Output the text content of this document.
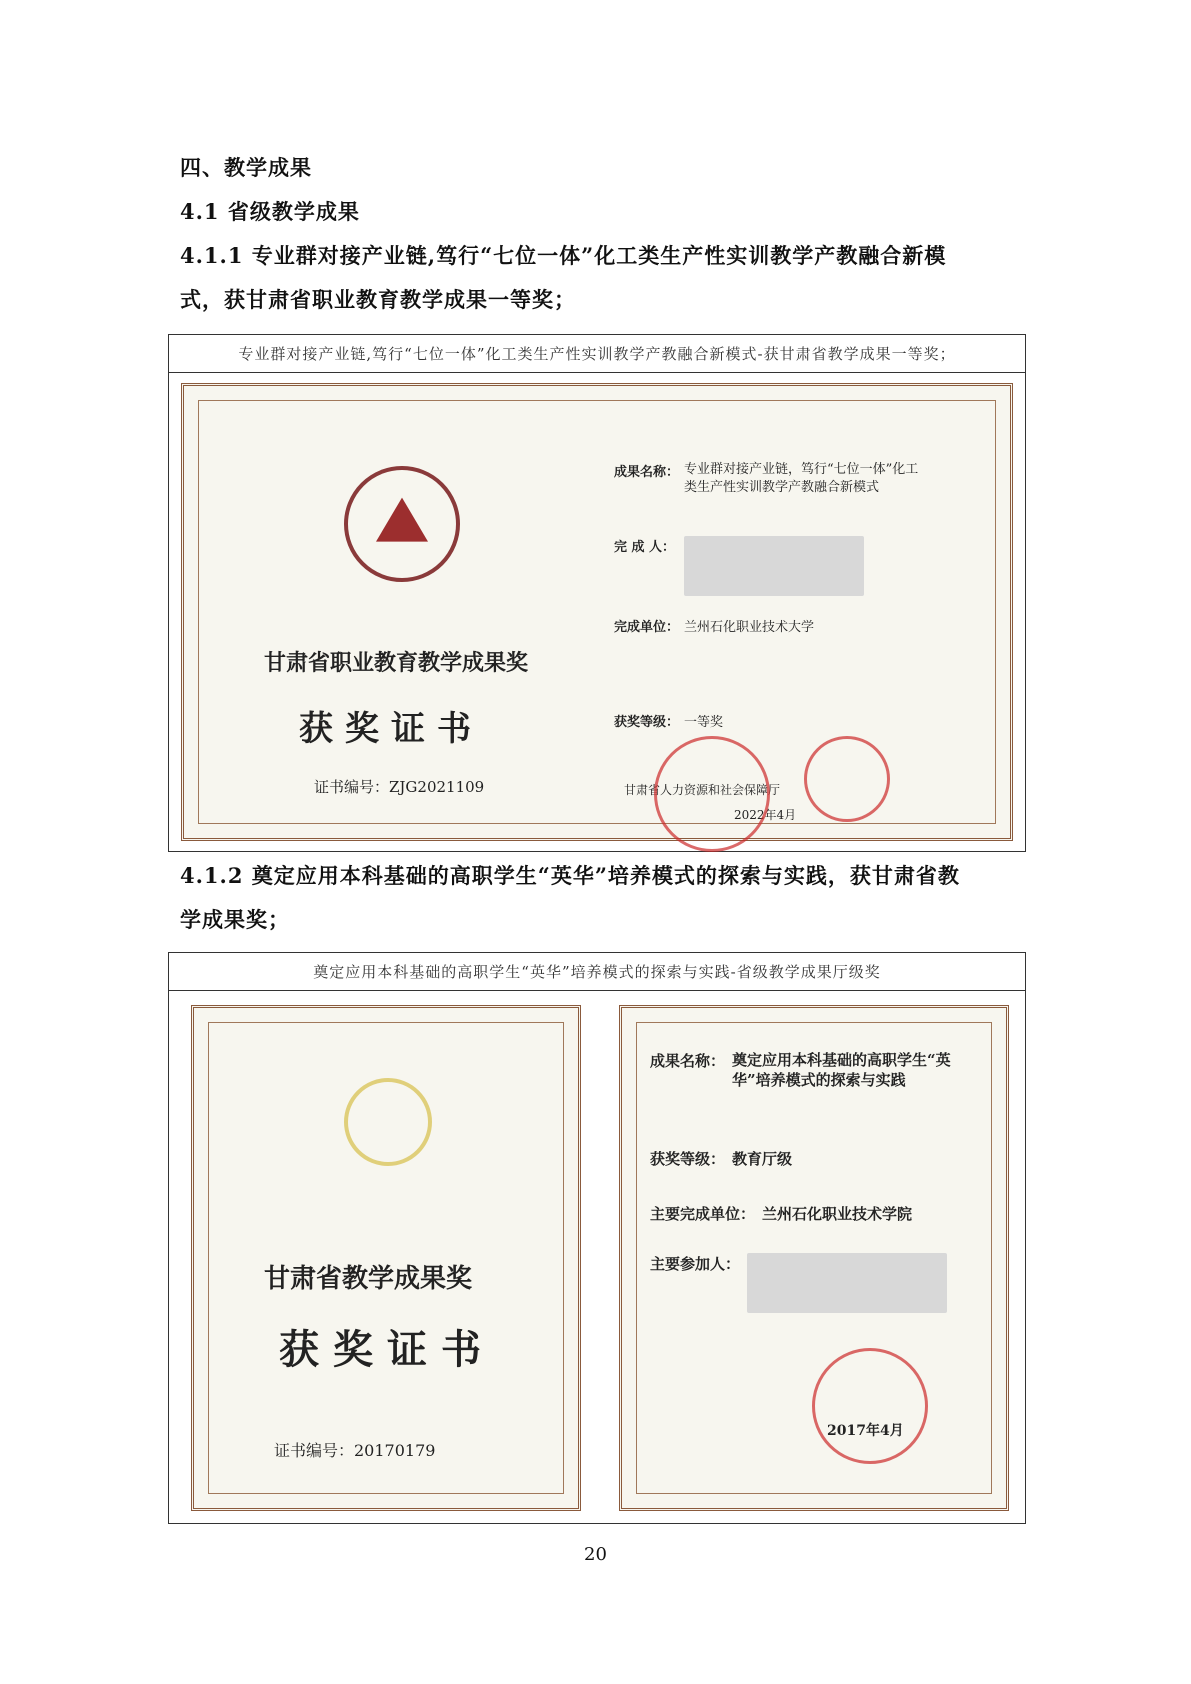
四、教学成果
4.1 省级教学成果
4.1.1 专业群对接产业链,笃行“七位一体”化工类生产性实训教学产教融合新模
式，获甘肃省职业教育教学成果一等奖；
专业群对接产业链,笃行“七位一体”化工类生产性实训教学产教融合新模式-获甘肃省教学成果一等奖；
甘肃省职业教育教学成果奖
获奖证书
证书编号：ZJG2021109
成果名称： 专业群对接产业链，笃行“七位一体”化工类生产性实训教学产教融合新模式
完 成 人：
完成单位： 兰州石化职业技术大学
获奖等级： 一等奖
甘肃省人力资源和社会保障厅
2022年4月
4.1.2 奠定应用本科基础的高职学生“英华”培养模式的探索与实践，获甘肃省教
学成果奖；
奠定应用本科基础的高职学生“英华”培养模式的探索与实践-省级教学成果厅级奖
甘肃省教学成果奖
获奖证书
证书编号：20170179
成果名称： 奠定应用本科基础的高职学生“英华”培养模式的探索与实践
获奖等级： 教育厅级
主要完成单位： 兰州石化职业技术学院
主要参加人：
2017年4月
20
